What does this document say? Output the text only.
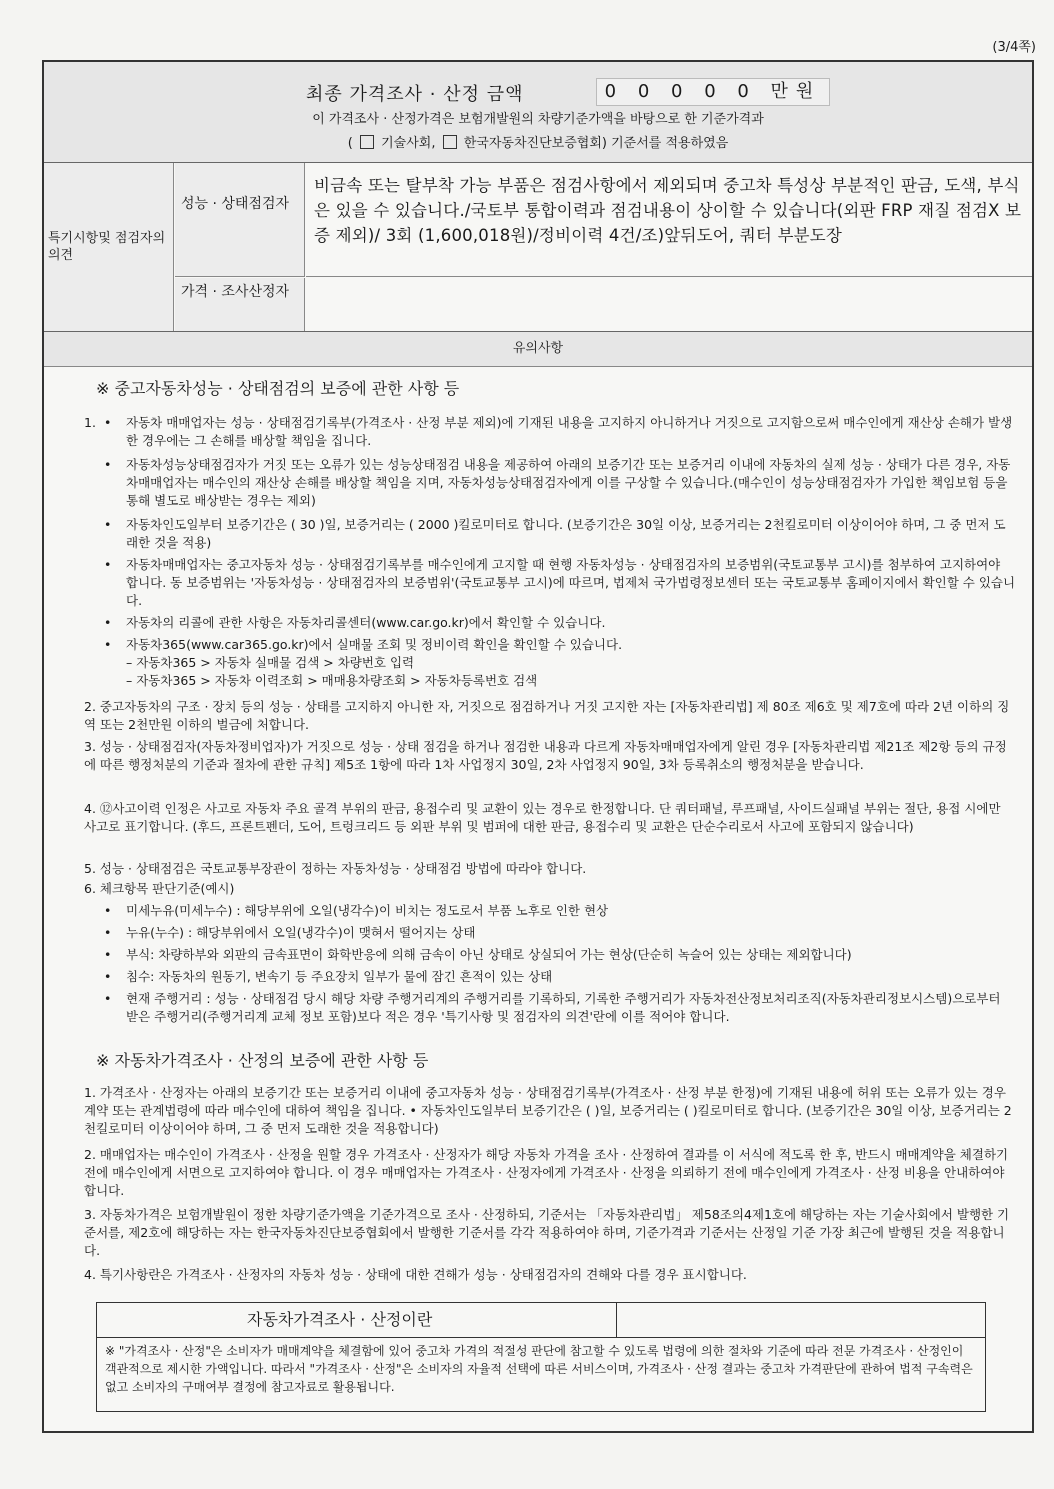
(3/4쪽)
최종 가격조사 · 산정 금액	0 0 0 0 0 만원
이 가격조사 · 산정가격은 보험개발원의 차량기준가액을 바탕으로 한 기준가격과
( 기술사회, 한국자동차진단보증협회) 기준서를 적용하였음
특기시항및 점검자의 의견
성능 · 상태점검자
비금속 또는 탈부착 가능 부품은 점검사항에서 제외되며 중고차 특성상 부분적인 판금, 도색, 부식은 있을 수 있습니다./국토부 통합이력과 점검내용이 상이할 수 있습니다(외판 FRP 재질 점검X 보증 제외)/ 3회 (1,600,018원)/정비이력 4건/조)앞뒤도어, 쿼터 부분도장
가격 · 조사산정자
유의사항
※ 중고자동차성능 · 상태점검의 보증에 관한 사항 등
1. • 자동차 매매업자는 성능 · 상태점검기록부(가격조사 · 산정 부분 제외)에 기재된 내용을 고지하지 아니하거나 거짓으로 고지함으로써 매수인에게 재산상 손해가 발생한 경우에는 그 손해를 배상할 책임을 집니다.
• 자동차성능상태점검자가 거짓 또는 오류가 있는 성능상태점검 내용을 제공하여 아래의 보증기간 또는 보증거리 이내에 자동차의 실제 성능 · 상태가 다른 경우, 자동차매매업자는 매수인의 재산상 손해를 배상할 책임을 지며, 자동차성능상태점검자에게 이를 구상할 수 있습니다.(매수인이 성능상태점검자가 가입한 책임보험 등을 통해 별도로 배상받는 경우는 제외)
• 자동차인도일부터 보증기간은 ( 30 )일, 보증거리는 ( 2000 )킬로미터로 합니다. (보증기간은 30일 이상, 보증거리는 2천킬로미터 이상이어야 하며, 그 중 먼저 도래한 것을 적용)
• 자동차매매업자는 중고자동차 성능 · 상태점검기록부를 매수인에게 고지할 때 현행 자동차성능 · 상태점검자의 보증범위(국토교통부 고시)를 첨부하여 고지하여야 합니다. 동 보증범위는 '자동차성능 · 상태점검자의 보증범위'(국토교통부 고시)에 따르며, 법제처 국가법령정보센터 또는 국토교통부 홈페이지에서 확인할 수 있습니다.
• 자동차의 리콜에 관한 사항은 자동차리콜센터(www.car.go.kr)에서 확인할 수 있습니다.
• 자동차365(www.car365.go.kr)에서 실매물 조회 및 정비이력 확인을 확인할 수 있습니다.
– 자동차365 > 자동차 실매물 검색 > 차량번호 입력
– 자동차365 > 자동차 이력조회 > 매매용차량조회 > 자동차등록번호 검색
2. 중고자동차의 구조 · 장치 등의 성능 · 상태를 고지하지 아니한 자, 거짓으로 점검하거나 거짓 고지한 자는 [자동차관리법] 제 80조 제6호 및 제7호에 따라 2년 이하의 징역 또는 2천만원 이하의 벌금에 처합니다.
3. 성능 · 상태점검자(자동차정비업자)가 거짓으로 성능 · 상태 점검을 하거나 점검한 내용과 다르게 자동차매매업자에게 알린 경우 [자동차관리법 제21조 제2항 등의 규정에 따른 행정처분의 기준과 절차에 관한 규칙] 제5조 1항에 따라 1차 사업정지 30일, 2차 사업정지 90일, 3차 등록취소의 행정처분을 받습니다.
4. ⑫사고이력 인정은 사고로 자동차 주요 골격 부위의 판금, 용접수리 및 교환이 있는 경우로 한정합니다. 단 쿼터패널, 루프패널, 사이드실패널 부위는 절단, 용접 시에만 사고로 표기합니다. (후드, 프론트펜더, 도어, 트렁크리드 등 외판 부위 및 범퍼에 대한 판금, 용접수리 및 교환은 단순수리로서 사고에 포함되지 않습니다)
5. 성능 · 상태점검은 국토교통부장관이 정하는 자동차성능 · 상태점검 방법에 따라야 합니다.
6. 체크항목 판단기준(예시)
• 미세누유(미세누수) : 해당부위에 오일(냉각수)이 비치는 정도로서 부품 노후로 인한 현상
• 누유(누수) : 해당부위에서 오일(냉각수)이 맺혀서 떨어지는 상태
• 부식: 차량하부와 외판의 금속표면이 화학반응에 의해 금속이 아닌 상태로 상실되어 가는 현상(단순히 녹슬어 있는 상태는 제외합니다)
• 침수: 자동차의 원동기, 변속기 등 주요장치 일부가 물에 잠긴 흔적이 있는 상태
• 현재 주행거리 : 성능 · 상태점검 당시 해당 차량 주행거리계의 주행거리를 기록하되, 기록한 주행거리가 자동차전산정보처리조직(자동차관리정보시스템)으로부터 받은 주행거리(주행거리계 교체 정보 포함)보다 적은 경우 '특기사항 및 점검자의 의견'란에 이를 적어야 합니다.
※ 자동차가격조사 · 산정의 보증에 관한 사항 등
1. 가격조사 · 산정자는 아래의 보증기간 또는 보증거리 이내에 중고자동차 성능 · 상태점검기록부(가격조사 · 산정 부분 한정)에 기재된 내용에 허위 또는 오류가 있는 경우 계약 또는 관계법령에 따라 매수인에 대하여 책임을 집니다. • 자동차인도일부터 보증기간은 ( )일, 보증거리는 ( )킬로미터로 합니다. (보증기간은 30일 이상, 보증거리는 2천킬로미터 이상이어야 하며, 그 중 먼저 도래한 것을 적용합니다)
2. 매매업자는 매수인이 가격조사 · 산정을 원할 경우 가격조사 · 산정자가 해당 자동차 가격을 조사 · 산정하여 결과를 이 서식에 적도록 한 후, 반드시 매매계약을 체결하기 전에 매수인에게 서면으로 고지하여야 합니다. 이 경우 매매업자는 가격조사 · 산정자에게 가격조사 · 산정을 의뢰하기 전에 매수인에게 가격조사 · 산정 비용을 안내하여야 합니다.
3. 자동차가격은 보험개발원이 정한 차량기준가액을 기준가격으로 조사 · 산정하되, 기준서는 「자동차관리법」 제58조의4제1호에 해당하는 자는 기술사회에서 발행한 기준서를, 제2호에 해당하는 자는 한국자동차진단보증협회에서 발행한 기준서를 각각 적용하여야 하며, 기준가격과 기준서는 산정일 기준 가장 최근에 발행된 것을 적용합니다.
4. 특기사항란은 가격조사 · 산정자의 자동차 성능 · 상태에 대한 견해가 성능 · 상태점검자의 견해와 다를 경우 표시합니다.
자동차가격조사 · 산정이란
※ "가격조사 · 산정"은 소비자가 매매계약을 체결함에 있어 중고차 가격의 적절성 판단에 참고할 수 있도록 법령에 의한 절차와 기준에 따라 전문 가격조사 · 산정인이 객관적으로 제시한 가액입니다. 따라서 "가격조사 · 산정"은 소비자의 자율적 선택에 따른 서비스이며, 가격조사 · 산정 결과는 중고차 가격판단에 관하여 법적 구속력은 없고 소비자의 구매여부 결정에 참고자료로 활용됩니다.
